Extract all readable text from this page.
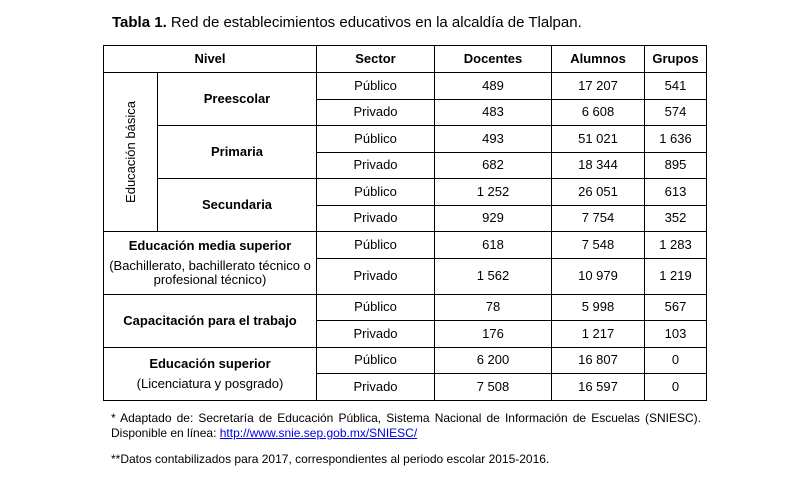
Tabla 1. Red de establecimientos educativos en la alcaldía de Tlalpan.
Nivel		Sector	Docentes	Alumnos	Grupos

Educación básica	Preescolar	Público	489	17 207	541
		Privado	483	6 608	574
	Primaria	Público	493	51 021	1 636
		Privado	682	18 344	895
	Secundaria	Público	1 252	26 051	613
		Privado	929	7 754	352

Educación media superior
(Bachillerato, bachillerato técnico o profesional técnico)		Público	618	7 548	1 283
		Privado	1 562	10 979	1 219
Capacitación para el trabajo		Público	78	5 998	567
		Privado	176	1 217	103

Educación superior
(Licenciatura y posgrado)		Público	6 200	16 807	0
		Privado	7 508	16 597	0
* Adaptado de: Secretaría de Educación Pública, Sistema Nacional de Información de Escuelas (SNIESC). Disponible en línea: http://www.snie.sep.gob.mx/SNIESC/
**Datos contabilizados para 2017, correspondientes al periodo escolar 2015-2016.
